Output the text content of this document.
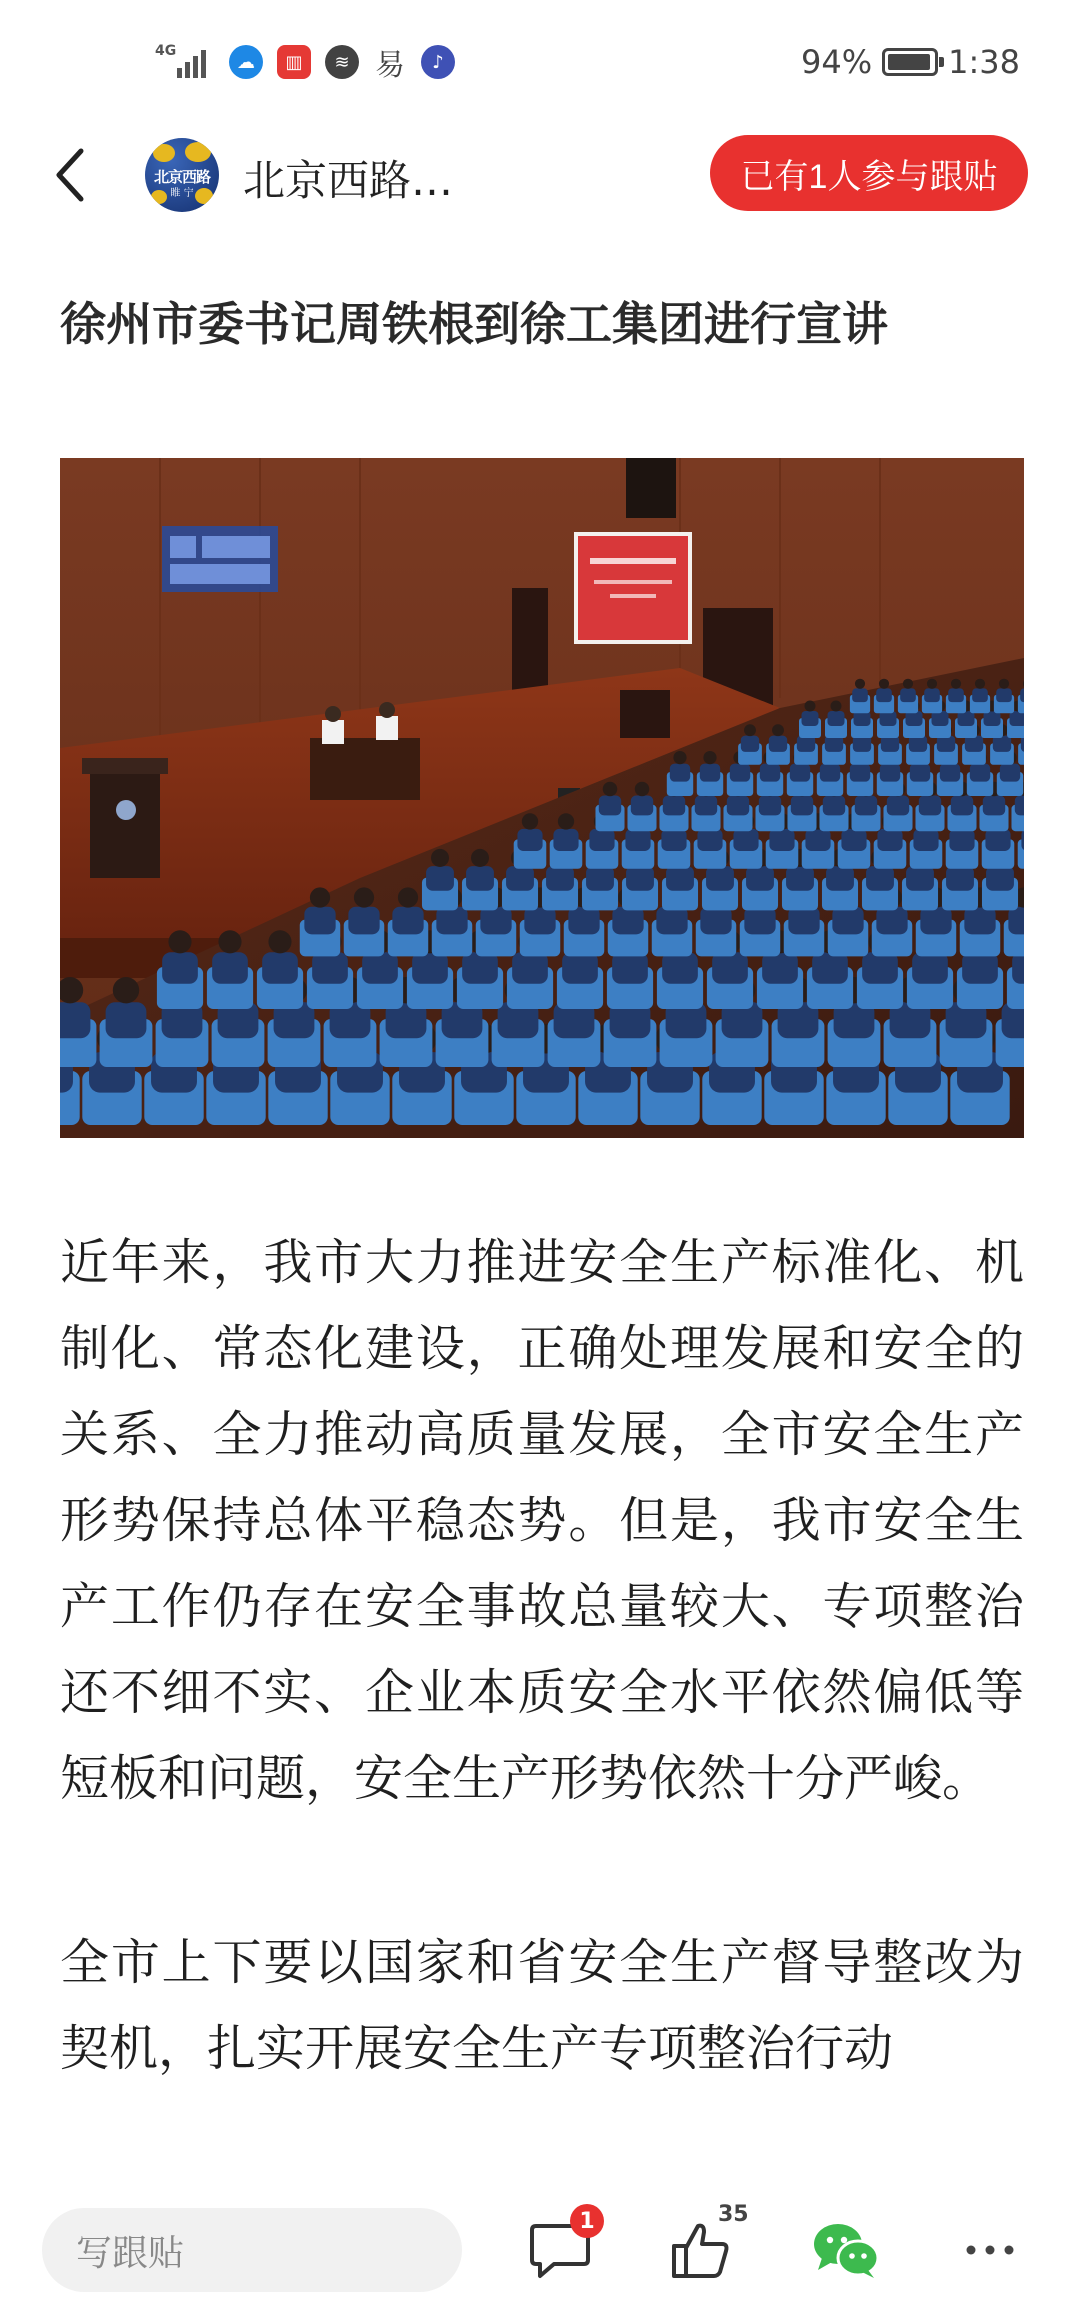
4G
☁	▥	≋ 易	♪	94% 1:38
北京西路
睢 宁	北京西路…	已有1人参与跟贴
徐州市委书记周铁根到徐工集团进行宣讲

近年来，我市大力推进安全生产标准化、机制化、常态化建设，正确处理发展和安全的关系、全力推动高质量发展，全市安全生产形势保持总体平稳态势。但是，我市安全生产工作仍存在安全事故总量较大、专项整治还不细不实、企业本质安全水平依然偏低等短板和问题，安全生产形势依然十分严峻。

全市上下要以国家和省安全生产督导整改为契机，扎实开展安全生产专项整治行动

写跟贴
1	35
